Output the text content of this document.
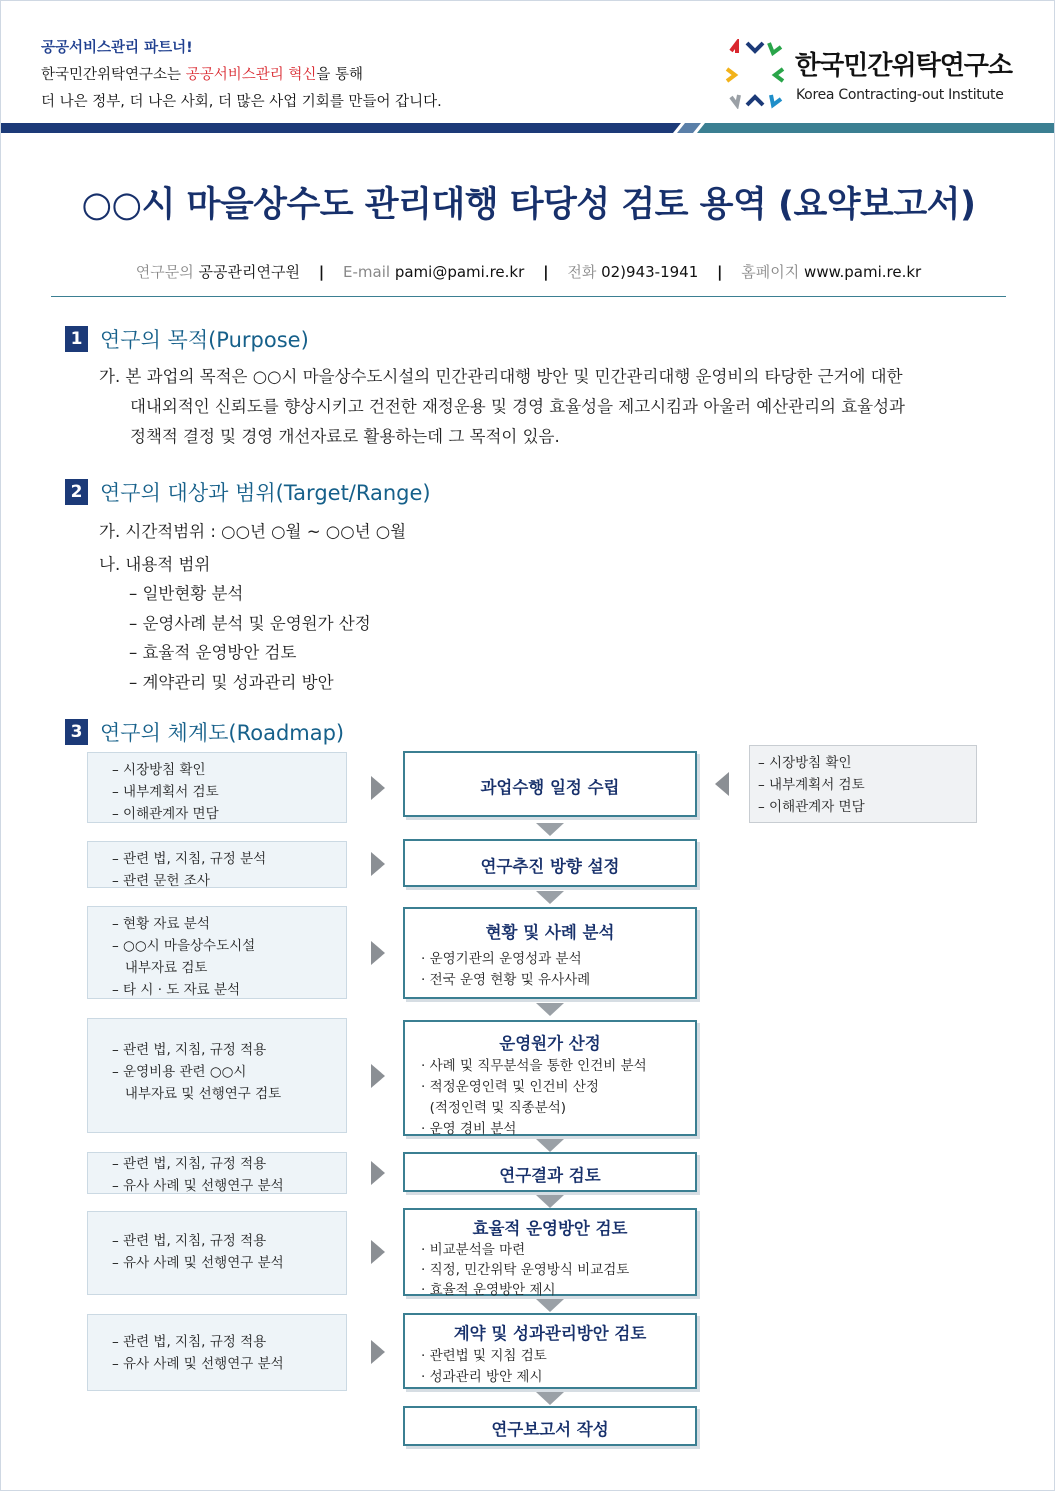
공공서비스관리 파트너!
한국민간위탁연구소는 공공서비스관리 혁신을 통해
더 나은 정부, 더 나은 사회, 더 많은 사업 기회를 만들어 갑니다.
한국민간위탁연구소
Korea Contracting-out Institute
○○시 마을상수도 관리대행 타당성 검토 용역 (요약보고서)
연구문의 공공관리연구원 | E-mail pami@pami.re.kr | 전화 02)943-1941 | 홈페이지 www.pami.re.kr
1 연구의 목적(Purpose)
가. 본 과업의 목적은 ○○시 마을상수도시설의 민간관리대행 방안 및 민간관리대행 운영비의 타당한 근거에 대한
대내외적인 신뢰도를 향상시키고 건전한 재정운용 및 경영 효율성을 제고시킴과 아울러 예산관리의 효율성과
정책적 결정 및 경영 개선자료로 활용하는데 그 목적이 있음.
2 연구의 대상과 범위(Target/Range)
가. 시간적범위 : ○○년 ○월 ~ ○○년 ○월
나. 내용적 범위
– 일반현황 분석
– 운영사례 분석 및 운영원가 산정
– 효율적 운영방안 검토
– 계약관리 및 성과관리 방안
3 연구의 체계도(Roadmap)
– 시장방침 확인
– 내부계획서 검토
– 이해관계자 면담
– 시장방침 확인
– 내부계획서 검토
– 이해관계자 면담
과업수행 일정 수립
– 관련 법, 지침, 규정 분석
– 관련 문헌 조사
연구추진 방향 설정
– 현황 자료 분석
– ○○시 마을상수도시설
내부자료 검토
– 타 시 · 도 자료 분석
현황 및 사례 분석
· 운영기관의 운영성과 분석
· 전국 운영 현황 및 유사사례
– 관련 법, 지침, 규정 적용
– 운영비용 관련 ○○시
내부자료 및 선행연구 검토
운영원가 산정
· 사례 및 직무분석을 통한 인건비 분석
· 적정운영인력 및 인건비 산정
(적정인력 및 직종분석)
· 운영 경비 분석
– 관련 법, 지침, 규정 적용
– 유사 사례 및 선행연구 분석
연구결과 검토
– 관련 법, 지침, 규정 적용
– 유사 사례 및 선행연구 분석
효율적 운영방안 검토
· 비교분석을 마련
· 직정, 민간위탁 운영방식 비교검토
· 효율적 운영방안 제시
– 관련 법, 지침, 규정 적용
– 유사 사례 및 선행연구 분석
계약 및 성과관리방안 검토
· 관련법 및 지침 검토
· 성과관리 방안 제시
연구보고서 작성
